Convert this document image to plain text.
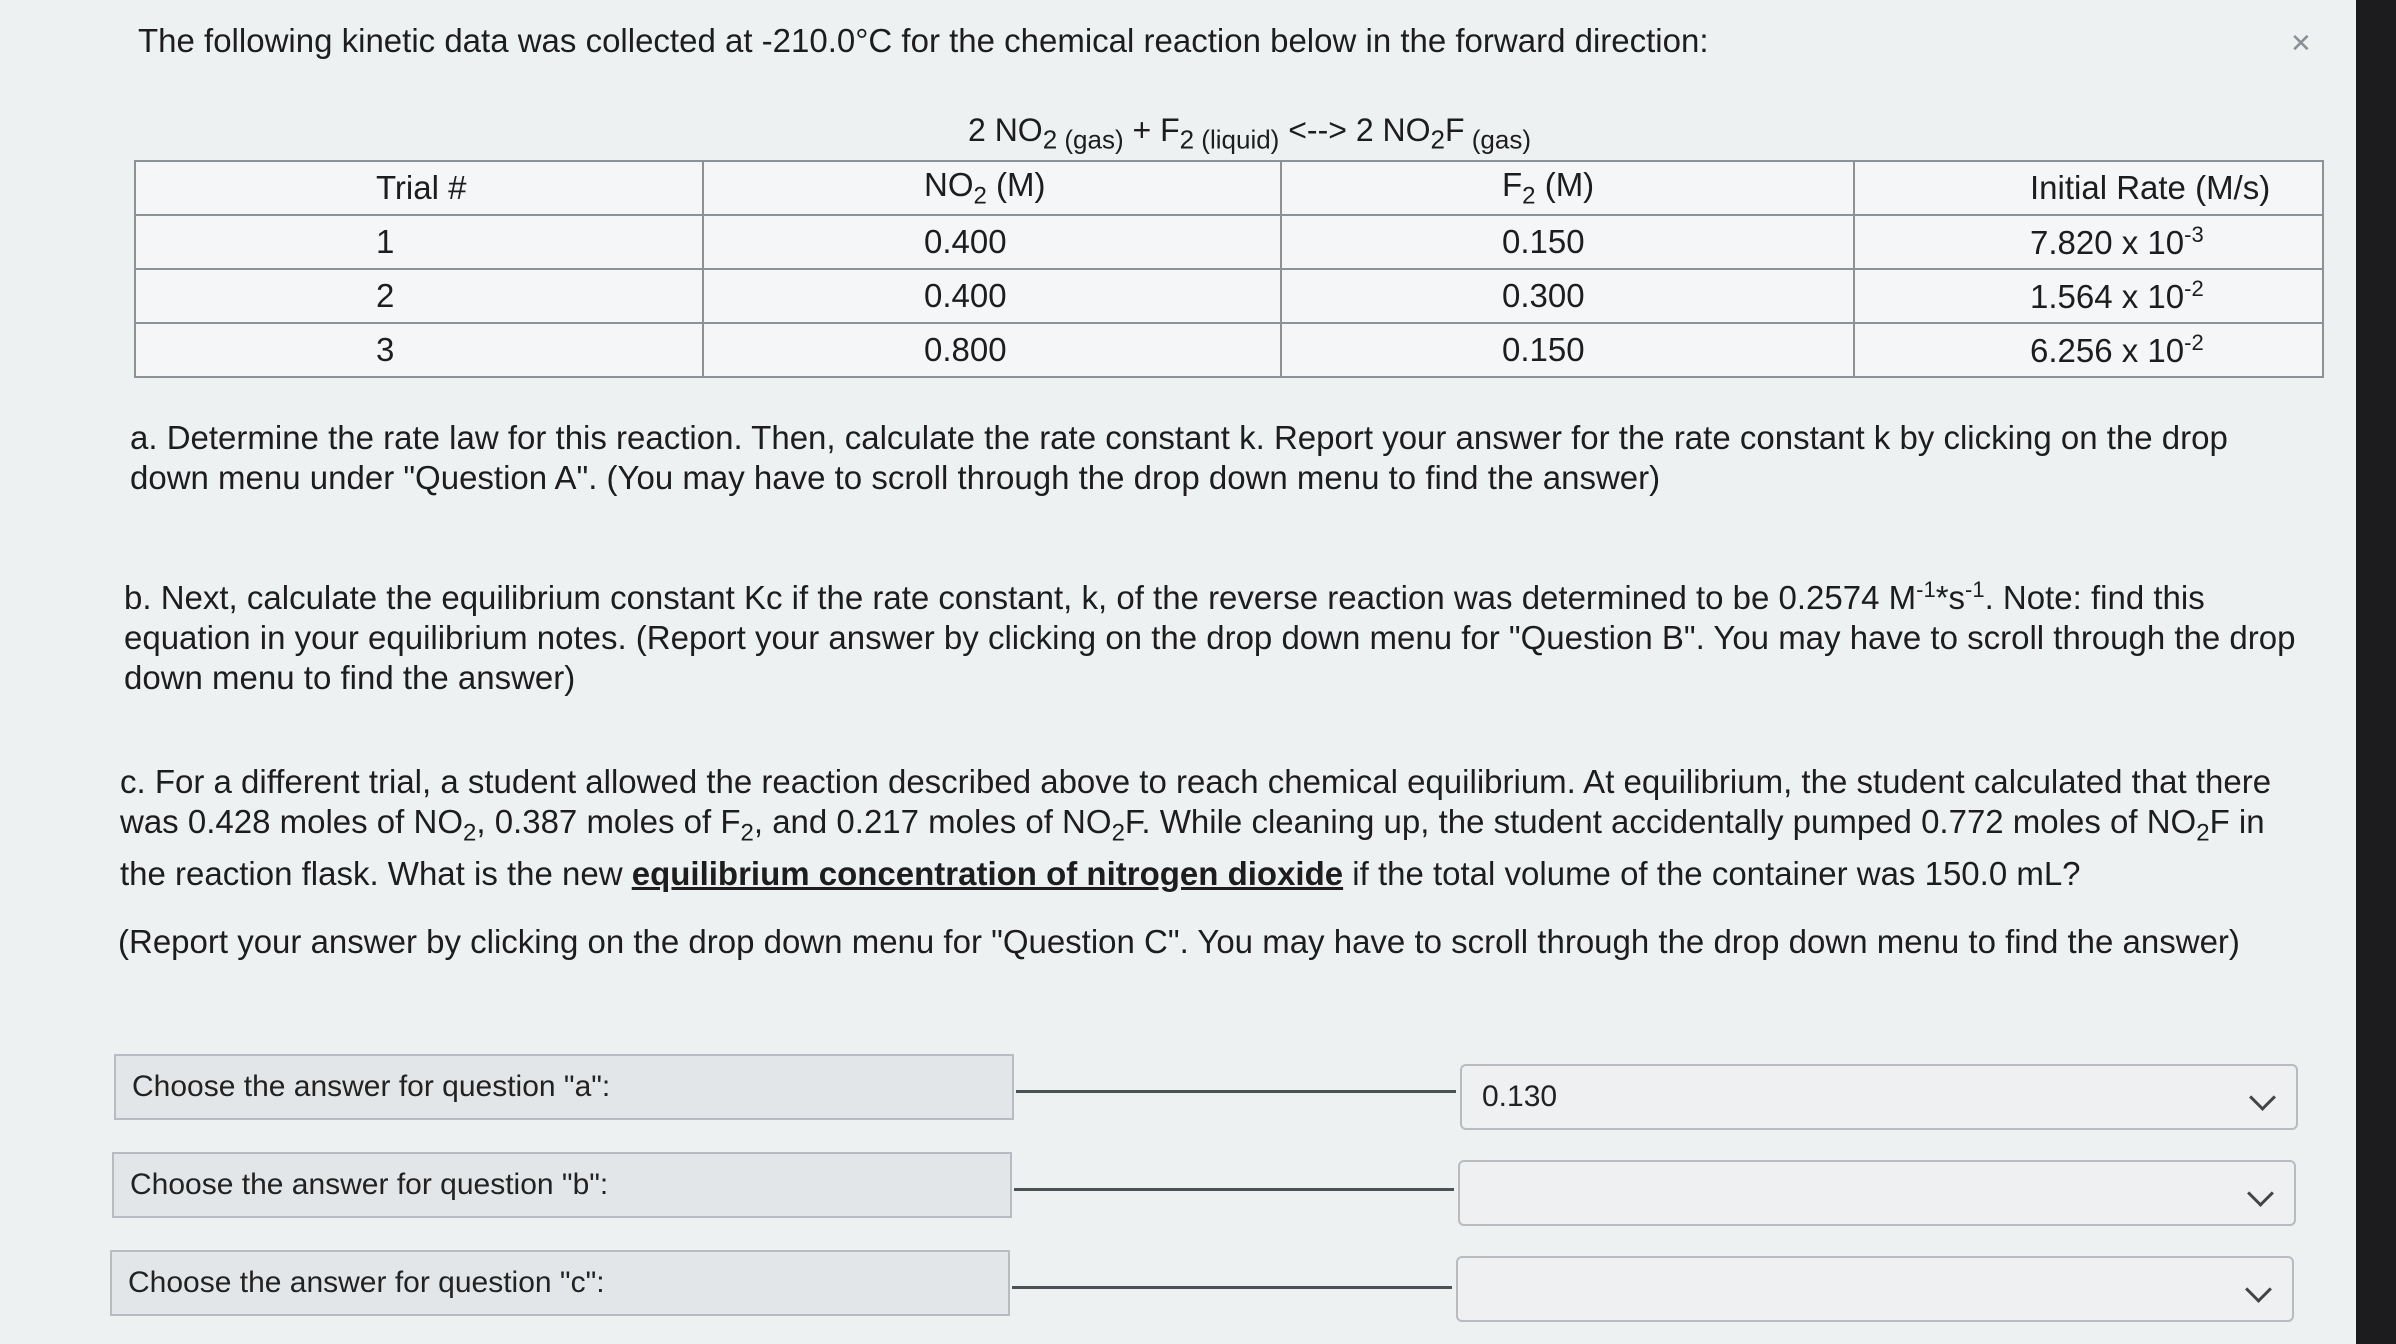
✕
The following kinetic data was collected at -210.0°C for the chemical reaction below in the forward direction:
2 $NO_{2 (gas)} + F_{2 (liquid)}$ <--> 2 $NO_2F$ $_{(gas)}$
Trial #	$NO_2$ (M)	$F_2$ (M)	Initial Rate (M/s)
1	0.400	0.150	7.820 x $10^{-3}$
2	0.400	0.300	1.564 x $10^{-2}$
3	0.800	0.150	6.256 x $10^{-2}$
a. Determine the rate law for this reaction. Then, calculate the rate constant k. Report your answer for the rate constant k by clicking on the drop down menu under "Question A". (You may have to scroll through the drop down menu to find the answer)
b. Next, calculate the equilibrium constant Kc if the rate constant, k, of the reverse reaction was determined to be 0.2574 $M^{-1}*s^{-1}$. Note: find this equation in your equilibrium notes. (Report your answer by clicking on the drop down menu for "Question B". You may have to scroll through the drop down menu to find the answer)
c. For a different trial, a student allowed the reaction described above to reach chemical equilibrium. At equilibrium, the student calculated that there was 0.428 moles of $NO_2$, 0.387 moles of $F_2$, and 0.217 moles of $NO_2F$. While cleaning up, the student accidentally pumped 0.772 moles of $NO_2F$ in the reaction flask. What is the new equilibrium concentration of nitrogen dioxide if the total volume of the container was 150.0 mL?
(Report your answer by clicking on the drop down menu for "Question C". You may have to scroll through the drop down menu to find the answer)
Choose the answer for question "a":	0.130
Choose the answer for question "b":
Choose the answer for question "c":
